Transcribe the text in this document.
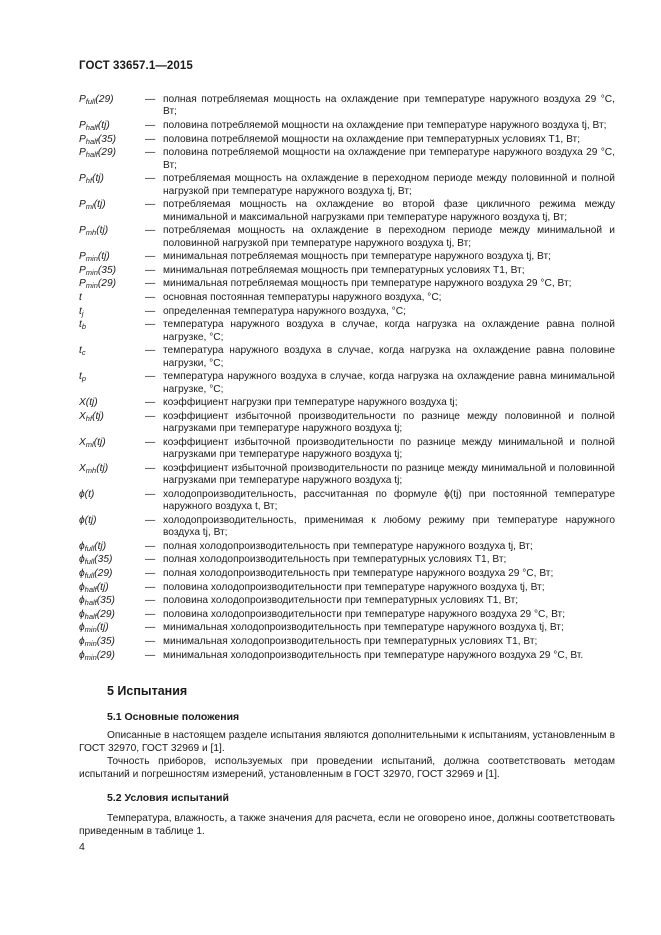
ГОСТ 33657.1—2015
$P_{full}(29)$	— полная потребляемая мощность на охлаждение при температуре наружного воздуха 29 °С, Вт;
$P_{half}(tj)$	— половина потребляемой мощности на охлаждение при температуре наружного воздуха tj, Вт;
$P_{half}(35)$	— половина потребляемой мощности на охлаждение при температурных условиях Т1, Вт;
$P_{half}(29)$	— половина потребляемой мощности на охлаждение при температуре наружного воздуха 29 °С, Вт;
$P_{hf}(tj)$	— потребляемая мощность на охлаждение в переходном периоде между половинной и полной нагрузкой при температуре наружного воздуха tj, Вт;
$P_{ml}(tj)$	— потребляемая мощность на охлаждение во второй фазе цикличного режима между минимальной и максимальной нагрузками при температуре наружного воздуха tj, Вт;
$P_{mh}(tj)$	— потребляемая мощность на охлаждение в переходном периоде между минимальной и половинной нагрузкой при температуре наружного воздуха tj, Вт;
$P_{min}(tj)$	— минимальная потребляемая мощность при температуре наружного воздуха tj, Вт;
$P_{min}(35)$	— минимальная потребляемая мощность при температурных условиях Т1, Вт;
$P_{min}(29)$	— минимальная потребляемая мощность при температуре наружного воздуха 29 °С, Вт;
t	— основная постоянная температуры наружного воздуха, °С;
$t_j$	— определенная температура наружного воздуха, °С;
$t_b$	— температура наружного воздуха в случае, когда нагрузка на охлаждение равна полной нагрузке, °С;
$t_c$	— температура наружного воздуха в случае, когда нагрузка на охлаждение равна половине нагрузки, °С;
$t_p$	— температура наружного воздуха в случае, когда нагрузка на охлаждение равна минимальной нагрузке, °С;
X(tj)	— коэффициент нагрузки при температуре наружного воздуха tj;
$X_{hf}(tj)$	— коэффициент избыточной производительности по разнице между половинной и полной нагрузками при температуре наружного воздуха tj;
$X_{ml}(tj)$	— коэффициент избыточной производительности по разнице между минимальной и полной нагрузками при температуре наружного воздуха tj;
$X_{mh}(tj)$	— коэффициент избыточной производительности по разнице между минимальной и половинной нагрузками при температуре наружного воздуха tj;
ϕ(t)	— холодопроизводительность, рассчитанная по формуле ϕ(tj) при постоянной температуре наружного воздуха t, Вт;
ϕ(tj)	— холодопроизводительность, применимая к любому режиму при температуре наружного воздуха tj, Вт;
$\phi_{full}(tj)$	— полная холодопроизводительность при температуре наружного воздуха tj, Вт;
$\phi_{full}(35)$	— полная холодопроизводительность при температурных условиях Т1, Вт;
$\phi_{full}(29)$	— полная холодопроизводительность при температуре наружного воздуха 29 °С, Вт;
$\phi_{half}(tj)$	— половина холодопроизводительности при температуре наружного воздуха tj, Вт;
$\phi_{half}(35)$	— половина холодопроизводительности при температурных условиях Т1, Вт;
$\phi_{half}(29)$	— половина холодопроизводительности при температуре наружного воздуха 29 °С, Вт;
$\phi_{min}(tj)$	— минимальная холодопроизводительность при температуре наружного воздуха tj, Вт;
$\phi_{min}(35)$	— минимальная холодопроизводительность при температурных условиях Т1, Вт;
$\phi_{min}(29)$	— минимальная холодопроизводительность при температуре наружного воздуха 29 °С, Вт.
5 Испытания
5.1 Основные положения
Описанные в настоящем разделе испытания являются дополнительными к испытаниям, установленным в ГОСТ 32970, ГОСТ 32969 и [1].
Точность приборов, используемых при проведении испытаний, должна соответствовать методам испытаний и погрешностям измерений, установленным в ГОСТ 32970, ГОСТ 32969 и [1].
5.2 Условия испытаний
Температура, влажность, а также значения для расчета, если не оговорено иное, должны соответствовать приведенным в таблице 1.
4
